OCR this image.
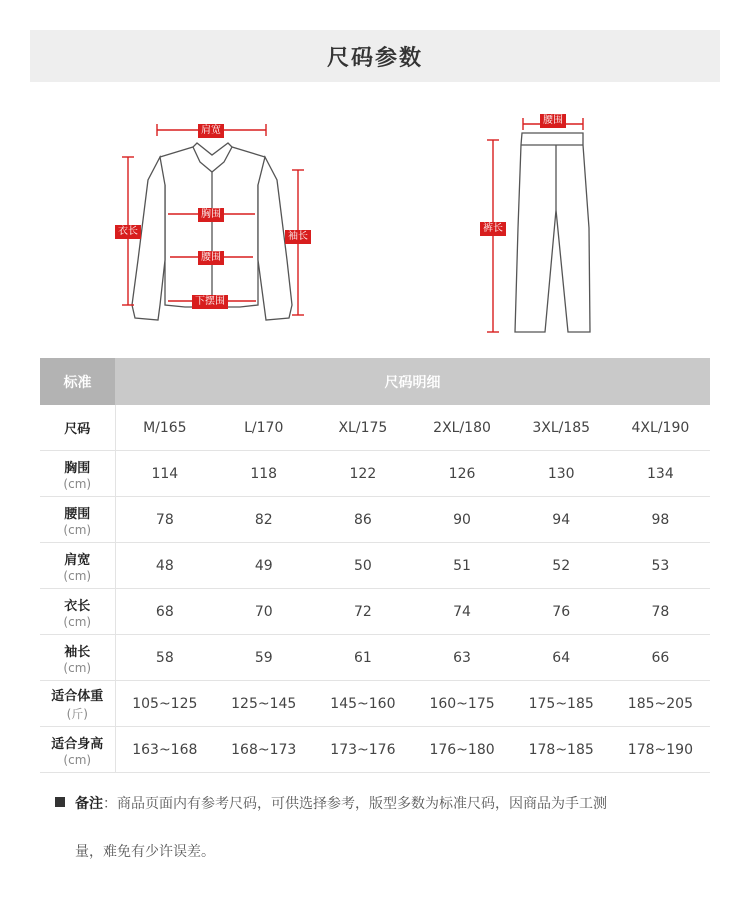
尺码参数
肩宽
胸围
腰围
下摆围
衣长	袖长
腰围
裤长
标准	尺码明细					

尺码	M/165	L/170	XL/175	2XL/180	3XL/185	4XL/190

胸围
(cm)	114	118	122	126	130	134

腰围
(cm)	78	82	86	90	94	98

肩宽
(cm)	48	49	50	51	52	53

衣长
(cm)	68	70	72	74	76	78

袖长
(cm)	58	59	61	63	64	66

适合体重
(斤)	105~125	125~145	145~160	160~175	175~185	185~205

适合身高
(cm)	163~168	168~173	173~176	176~180	178~185	178~190
备注：商品页面内有参考尺码，可供选择参考，版型多数为标准尺码，因商品为手工测
量，难免有少许误差。
